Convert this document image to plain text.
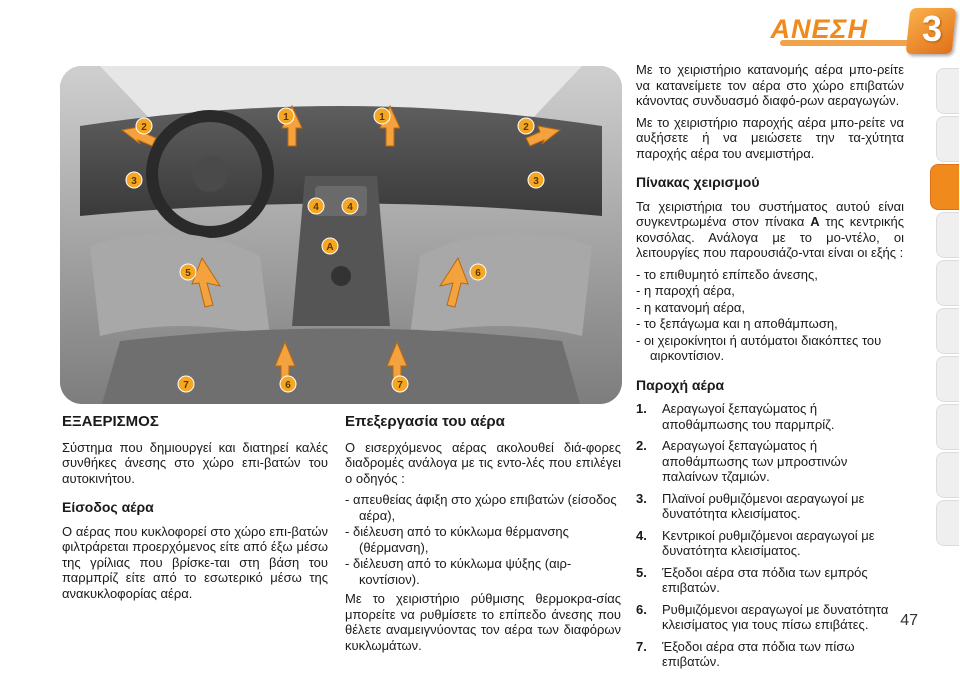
ΑΝΕΣΗ 3
1	1
2	2
3	3
4	4
5	6
6	7
7
A
ΕΞΑΕΡΙΣΜΟΣ

Σύστημα που δημιουργεί και διατηρεί καλές συνθήκες άνεσης στο χώρο επι-βατών του αυτοκινήτου.

Είσοδος αέρα

Ο αέρας που κυκλοφορεί στο χώρο επι-βατών φιλτράρεται προερχόμενος είτε από έξω μέσω της γρίλιας που βρίσκε-ται στη βάση του παρμπρίζ είτε από το εσωτερικό μέσω της ανακυκλοφορίας αέρα.

Επεξεργασία του αέρα

Ο εισερχόμενος αέρας ακολουθεί διά-φορες διαδρομές ανάλογα με τις εντο-λές που επιλέγει ο οδηγός :

- απευθείας άφιξη στο χώρο επιβατών (είσοδος αέρα),
- διέλευση από το κύκλωμα θέρμανσης (θέρμανση),
- διέλευση από το κύκλωμα ψύξης (αιρ-κοντίσιον).

Με το χειριστήριο ρύθμισης θερμοκρα-σίας μπορείτε να ρυθμίσετε το επίπεδο άνεσης που θέλετε αναμειγνύοντας τον αέρα των διαφόρων κυκλωμάτων.

Με το χειριστήριο κατανομής αέρα μπο-ρείτε να κατανείμετε τον αέρα στο χώρο επιβατών κάνοντας συνδυασμό διαφό-ρων αεραγωγών.

Με το χειριστήριο παροχής αέρα μπο-ρείτε να αυξήσετε ή να μειώσετε την τα-χύτητα παροχής αέρα του ανεμιστήρα.

Πίνακας χειρισμού

Τα χειριστήρια του συστήματος αυτού είναι συγκεντρωμένα στον πίνακα A της κεντρικής κονσόλας. Ανάλογα με το μο-ντέλο, οι λειτουργίες που παρουσιάζο-νται είναι οι εξής :

- το επιθυμητό επίπεδο άνεσης,
- η παροχή αέρα,
- η κατανομή αέρα,
- το ξεπάγωμα και η αποθάμπωση,
- οι χειροκίνητοι ή αυτόματοι διακόπτες του αιρκοντίσιον.
Παροχή αέρα
1.	Αεραγωγοί ξεπαγώματος ή αποθάμπωσης του παρμπρίζ.
2.	Αεραγωγοί ξεπαγώματος ή αποθάμπωσης των μπροστινών παλαίνων τζαμιών.
3.	Πλαϊνοί ρυθμιζόμενοι αεραγωγοί με δυνατότητα κλεισίματος.
4.	Κεντρικοί ρυθμιζόμενοι αεραγωγοί με δυνατότητα κλεισίματος.
5.	Έξοδοι αέρα στα πόδια των εμπρός επιβατών.
6.	Ρυθμιζόμενοι αεραγωγοί με δυνατότητα κλεισίματος για τους πίσω επιβάτες.
7.	Έξοδοι αέρα στα πόδια των πίσω επιβατών.
47
